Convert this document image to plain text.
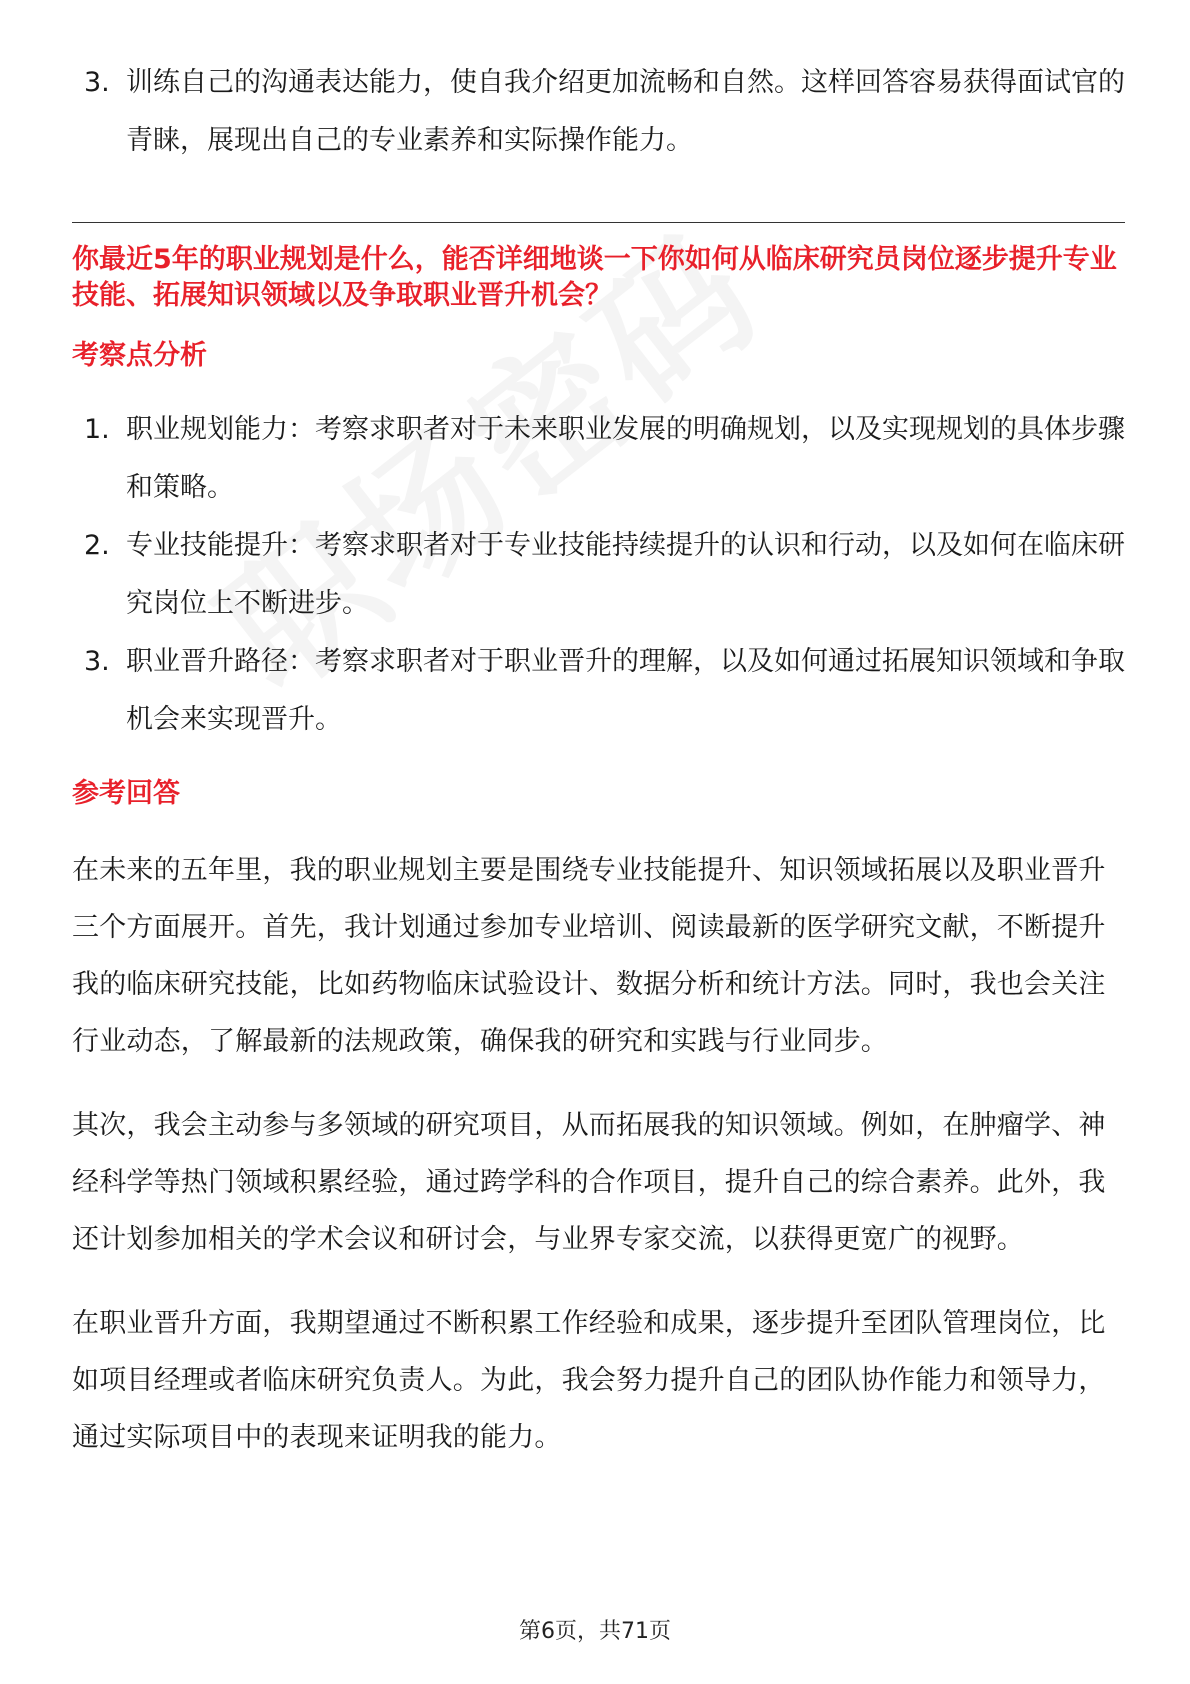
3. 训练自己的沟通表达能力，使自我介绍更加流畅和自然。这样回答容易获得面试官的青睐，展现出自己的专业素养和实际操作能力。
你最近5年的职业规划是什么，能否详细地谈一下你如何从临床研究员岗位逐步提升专业技能、拓展知识领域以及争取职业晋升机会？
考察点分析
1. 职业规划能力：考察求职者对于未来职业发展的明确规划，以及实现规划的具体步骤和策略。
2. 专业技能提升：考察求职者对于专业技能持续提升的认识和行动，以及如何在临床研究岗位上不断进步。
3. 职业晋升路径：考察求职者对于职业晋升的理解，以及如何通过拓展知识领域和争取机会来实现晋升。
参考回答

在未来的五年里，我的职业规划主要是围绕专业技能提升、知识领域拓展以及职业晋升三个方面展开。首先，我计划通过参加专业培训、阅读最新的医学研究文献，不断提升我的临床研究技能，比如药物临床试验设计、数据分析和统计方法。同时，我也会关注行业动态，了解最新的法规政策，确保我的研究和实践与行业同步。

其次，我会主动参与多领域的研究项目，从而拓展我的知识领域。例如，在肿瘤学、神经科学等热门领域积累经验，通过跨学科的合作项目，提升自己的综合素养。此外，我还计划参加相关的学术会议和研讨会，与业界专家交流，以获得更宽广的视野。

在职业晋升方面，我期望通过不断积累工作经验和成果，逐步提升至团队管理岗位，比如项目经理或者临床研究负责人。为此，我会努力提升自己的团队协作能力和领导力，通过实际项目中的表现来证明我的能力。

第6页，共71页
